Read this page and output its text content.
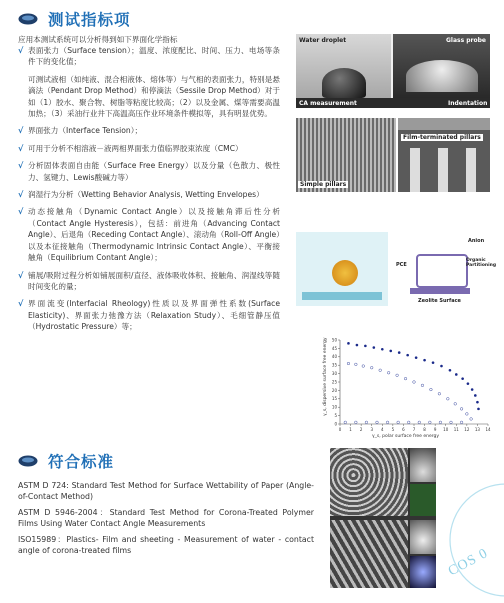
测试指标项
应用本测试系统可以分析得到如下界面化学指标
√ 表面张力（Surface tension）；温度、浓度配比、时间、压力、电场等条件下的变化值；
可测试液相（如纯液、混合相液体、熔体等）与气相的表面张力，特别是悬滴法（Pendant Drop Method）和停滴法（Sessile Drop Method）对于如（1）胶水、聚合物、树脂等粘度比较高；（2）以及金属、煤等需要高温加热；（3）采油行业井下高温高压作业环境条件模拟等，具有明显优势。
√ 界面张力（Interface Tension）；
√ 可用于分析不相溶液－液两相界面张力值临界胶束浓度（CMC）
√ 分析固体表面自由能（Surface Free Energy）以及分量（色散力、极性力、氢键力、Lewis酸碱力等）
√ 润湿行为分析（Wetting Behavior Analysis, Wetting Envelopes）
√ 动态接触角（Dynamic Contact Angle）以及接触角滞后性分析（Contact Angle Hysteresis），包括：前进角（Advancing Contact Angle）、后退角（Receding Contact Angle）、滚动角（Roll-Off Angle）以及本征接触角（Thermodynamic Intrinsic Contact Angle）、平衡接触角（Equilibrium Contant Angle）；
√ 铺展/吸附过程分析如铺展面积/直径、液体吸收体积、接触角、润湿线等随时间变化的量；
√ 界面流变(Interfacial Rheology)性质以及界面弹性系数(Surface Elasticity)、界面张力弛豫方法（Relaxation Study）、毛细管静压值（Hydrostatic Pressure）等；
Water droplet	Glass probe
CA measurement	Indentation
Simple pillars
Film-terminated pillars
Anion
PCE
Organic Partitioning
Zeolite Surface
0 1 2 3 4 5 6 7 8 9 10 11 12 13 14
0
5
10
15
20
25
30
35
40
45
50
γ_s, dispersive surface free energy
γ_s, polar surface free energy
符合标准

ASTM D 724: Standard Test Method for Surface Wettability of Paper (Angle-of-Contact Method)

ASTM D 5946-2004：Standard Test Method for Corona-Treated Polymer Films Using Water Contact Angle Measurements

ISO15989：Plastics- Film and sheeting - Measurement of water - contact angle of corona-treated films	COS 0
